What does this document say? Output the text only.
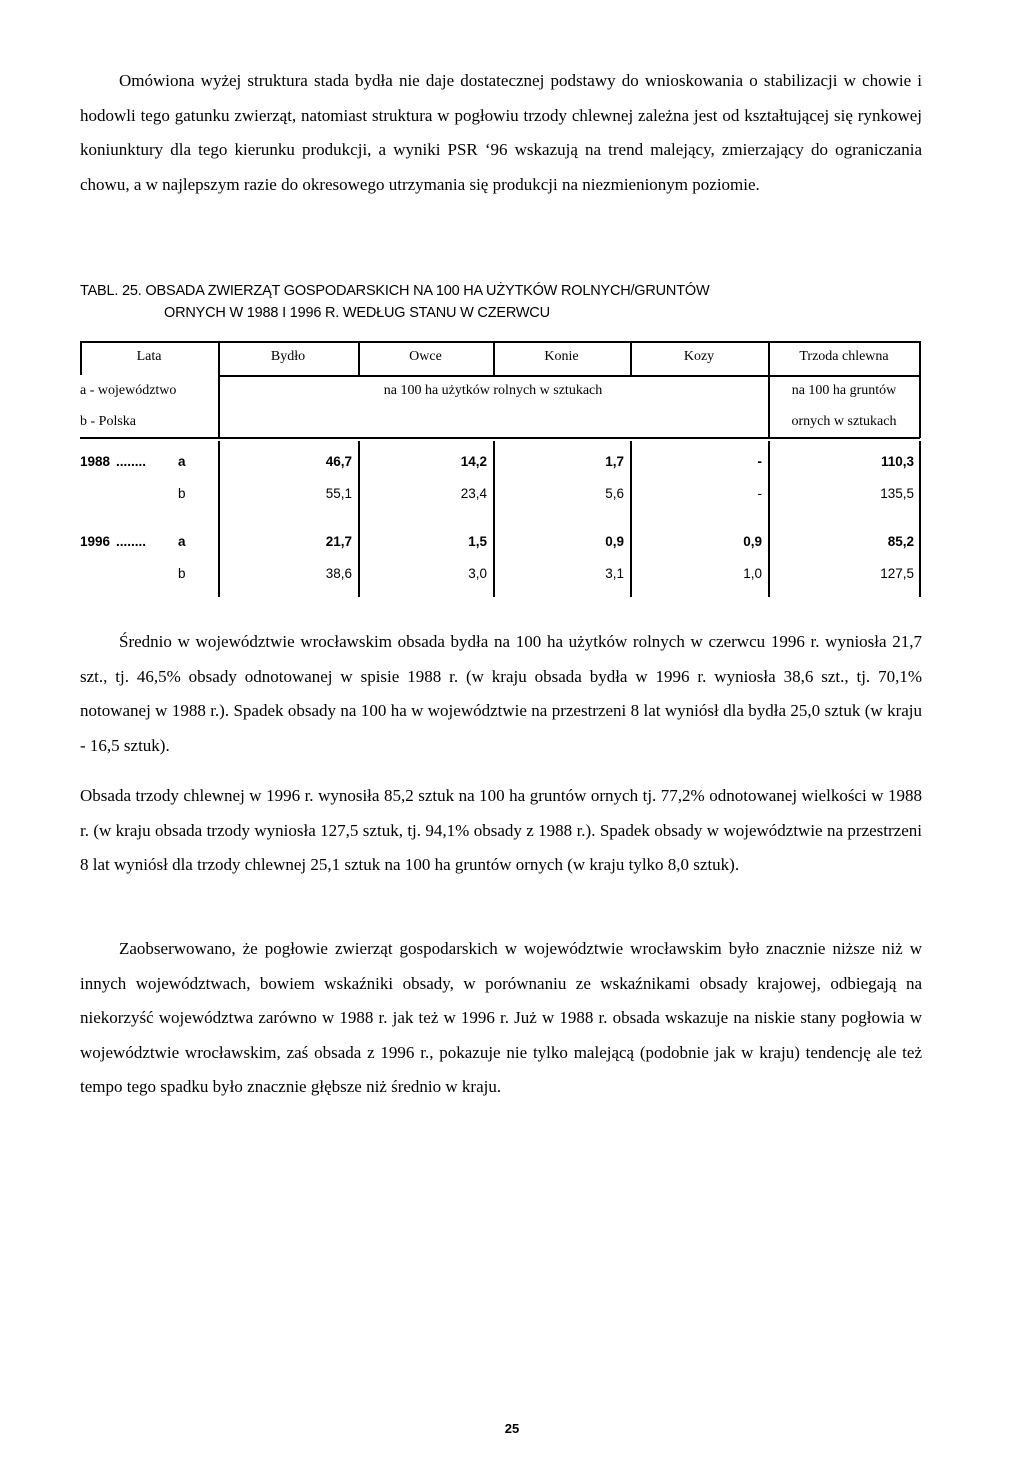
Omówiona wyżej struktura stada bydła nie daje dostatecznej podstawy do wnioskowania o stabilizacji w chowie i hodowli tego gatunku zwierząt, natomiast struktura w pogłowiu trzody chlewnej zależna jest od kształtującej się rynkowej koniunktury dla tego kierunku produkcji, a wyniki PSR ‘96 wskazują na trend malejący, zmierzający do ograniczania chowu, a w najlepszym razie do okresowego utrzymania się produkcji na niezmienionym poziomie.

TABL. 25. OBSADA ZWIERZĄT GOSPODARSKICH NA 100 HA UŻYTKÓW ROLNYCH/GRUNTÓW
ORNYCH W 1988 I 1996 R. WEDŁUG STANU W CZERWCU
Lata	Bydło	Owce	Konie	Kozy	Trzoda chlewna
a - województwo
b - Polska
na 100 ha użytków rolnych w sztukach	na 100 ha gruntów
ornych w sztukach
1988 ........ a	46,7	14,2	1,7	-	110,3
b	55,1	23,4	5,6	-	135,5
1996 ........ a	21,7	1,5	0,9	0,9	85,2
b	38,6	3,0	3,1	1,0	127,5

Średnio w województwie wrocławskim obsada bydła na 100 ha użytków rolnych w czerwcu 1996 r. wyniosła 21,7 szt., tj. 46,5% obsady odnotowanej w spisie 1988 r. (w kraju obsada bydła w 1996 r. wyniosła 38,6 szt., tj. 70,1% notowanej w 1988 r.). Spadek obsady na 100 ha w województwie na przestrzeni 8 lat wyniósł dla bydła 25,0 sztuk (w kraju - 16,5 sztuk).

Obsada trzody chlewnej w 1996 r. wynosiła 85,2 sztuk na 100 ha gruntów ornych tj. 77,2% odnotowanej wielkości w 1988 r. (w kraju obsada trzody wyniosła 127,5 sztuk, tj. 94,1% obsady z 1988 r.). Spadek obsady w województwie na przestrzeni 8 lat wyniósł dla trzody chlewnej 25,1 sztuk na 100 ha gruntów ornych (w kraju tylko 8,0 sztuk).

Zaobserwowano, że pogłowie zwierząt gospodarskich w województwie wrocławskim było znacznie niższe niż w innych województwach, bowiem wskaźniki obsady, w porównaniu ze wskaźnikami obsady krajowej, odbiegają na niekorzyść województwa zarówno w 1988 r. jak też w 1996 r. Już w 1988 r. obsada wskazuje na niskie stany pogłowia w województwie wrocławskim, zaś obsada z 1996 r., pokazuje nie tylko malejącą (podobnie jak w kraju) tendencję ale też tempo tego spadku było znacznie głębsze niż średnio w kraju.

25
